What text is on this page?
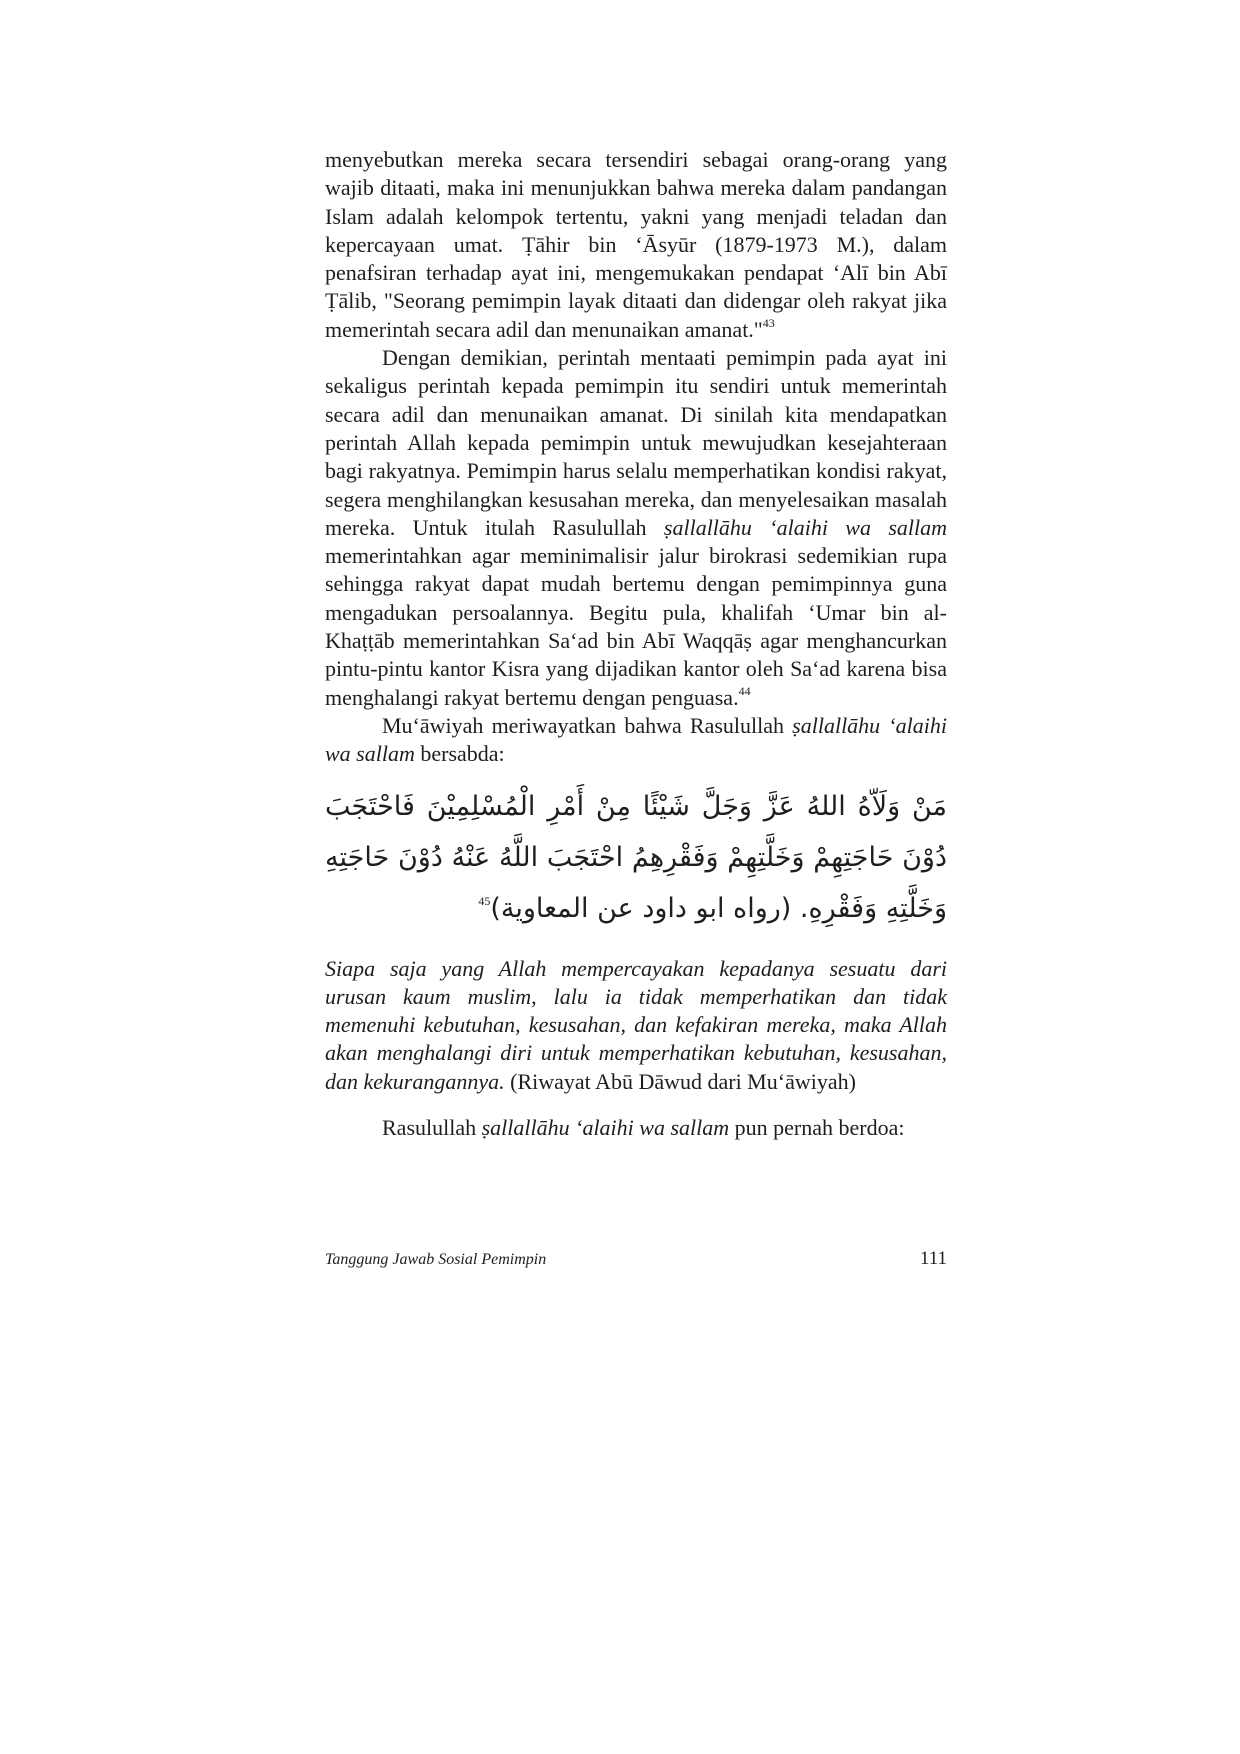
menyebutkan mereka secara tersendiri sebagai orang-orang yang wajib ditaati, maka ini menunjukkan bahwa mereka dalam pandangan Islam adalah kelompok tertentu, yakni yang menjadi teladan dan kepercayaan umat. Ṭāhir bin ‘Āsyūr (1879-1973 M.), dalam penafsiran terhadap ayat ini, mengemukakan pendapat ‘Alī bin Abī Ṭālib, "Seorang pemimpin layak ditaati dan didengar oleh rakyat jika memerintah secara adil dan menunaikan amanat."$^{43}$

Dengan demikian, perintah mentaati pemimpin pada ayat ini sekaligus perintah kepada pemimpin itu sendiri untuk memerintah secara adil dan menunaikan amanat. Di sinilah kita mendapatkan perintah Allah kepada pemimpin untuk mewujudkan kesejahteraan bagi rakyatnya. Pemimpin harus selalu memperhatikan kondisi rakyat, segera menghilangkan kesusahan mereka, dan menyelesaikan masalah mereka. Untuk itulah Rasulullah ṣallallāhu ‘alaihi wa sallam memerintahkan agar meminimalisir jalur birokrasi sedemikian rupa sehingga rakyat dapat mudah bertemu dengan pemimpinnya guna mengadukan persoalannya. Begitu pula, khalifah ‘Umar bin al-Khaṭṭāb memerintahkan Sa‘ad bin Abī Waqqāṣ agar menghancurkan pintu-pintu kantor Kisra yang dijadikan kantor oleh Sa‘ad karena bisa menghalangi rakyat bertemu dengan penguasa.$^{44}$

Mu‘āwiyah meriwayatkan bahwa Rasulullah ṣallallāhu ‘alaihi wa sallam bersabda:

مَنْ وَلَاّهُ اللهُ عَزَّ وَجَلَّ شَيْئًا مِنْ أَمْرِ الْمُسْلِمِيْنَ فَاحْتَجَبَ دُوْنَ حَاجَتِهِمْ وَخَلَّتِهِمْ وَفَقْرِهِمُ احْتَجَبَ اللَّهُ عَنْهُ دُوْنَ حَاجَتِهِ وَخَلَّتِهِ وَفَقْرِهِ. (رواه ابو داود عن المعاوية)$^{45}$

Siapa saja yang Allah mempercayakan kepadanya sesuatu dari urusan kaum muslim, lalu ia tidak memperhatikan dan tidak memenuhi kebutuhan, kesusahan, dan kefakiran mereka, maka Allah akan menghalangi diri untuk memperhatikan kebutuhan, kesusahan, dan kekurangannya. (Riwayat Abū Dāwud dari Mu‘āwiyah)

Rasulullah ṣallallāhu ‘alaihi wa sallam pun pernah berdoa:

Tanggung Jawab Sosial Pemimpin	111
